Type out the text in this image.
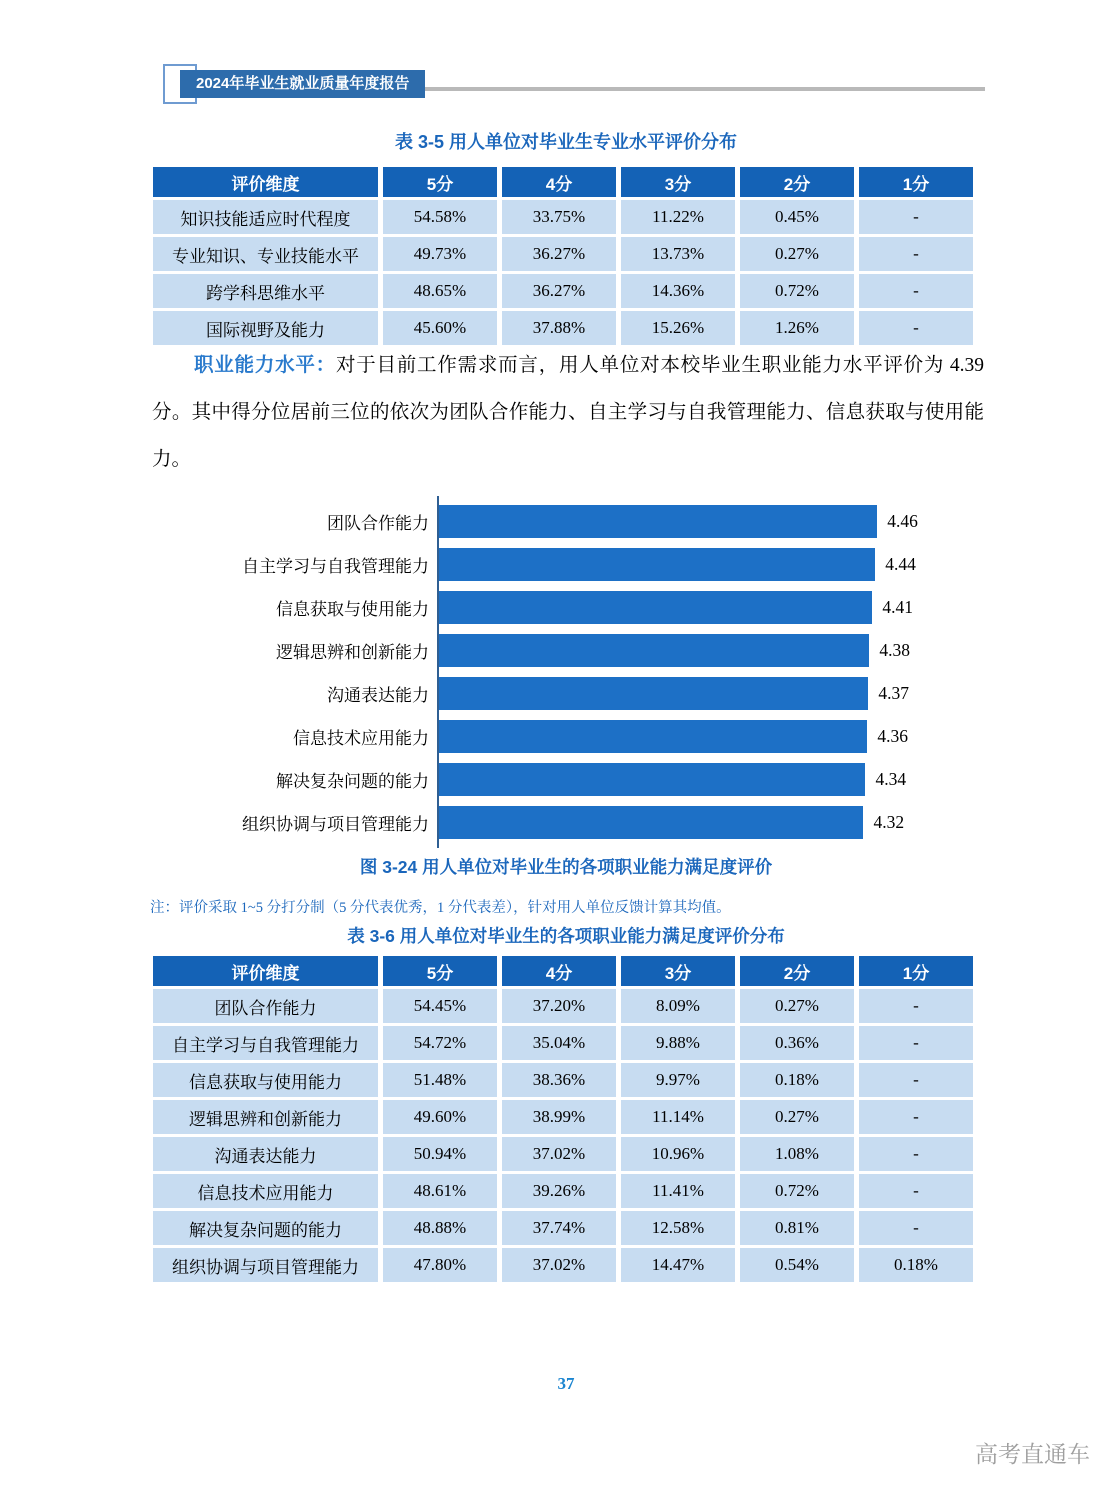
2024年毕业生就业质量年度报告
表 3-5 用人单位对毕业生专业水平评价分布
评价维度	5分	4分	3分	2分	1分
知识技能适应时代程度	54.58%	33.75%	11.22%	0.45%	-
专业知识、专业技能水平	49.73%	36.27%	13.73%	0.27%	-
跨学科思维水平	48.65%	36.27%	14.36%	0.72%	-
国际视野及能力	45.60%	37.88%	15.26%	1.26%	-

职业能力水平：对于目前工作需求而言，用人单位对本校毕业生职业能力水平评价为 4.39 分。其中得分位居前三位的依次为团队合作能力、自主学习与自我管理能力、信息获取与使用能力。

团队合作能力	4.46
自主学习与自我管理能力	4.44
信息获取与使用能力	4.41
逻辑思辨和创新能力	4.38
沟通表达能力	4.37
信息技术应用能力	4.36
解决复杂问题的能力	4.34
组织协调与项目管理能力	4.32
图 3-24 用人单位对毕业生的各项职业能力满足度评价

注：评价采取 1~5 分打分制（5 分代表优秀，1 分代表差），针对用人单位反馈计算其均值。

表 3-6 用人单位对毕业生的各项职业能力满足度评价分布
评价维度	5分	4分	3分	2分	1分
团队合作能力	54.45%	37.20%	8.09%	0.27%	-
自主学习与自我管理能力	54.72%	35.04%	9.88%	0.36%	-
信息获取与使用能力	51.48%	38.36%	9.97%	0.18%	-
逻辑思辨和创新能力	49.60%	38.99%	11.14%	0.27%	-
沟通表达能力	50.94%	37.02%	10.96%	1.08%	-
信息技术应用能力	48.61%	39.26%	11.41%	0.72%	-
解决复杂问题的能力	48.88%	37.74%	12.58%	0.81%	-
组织协调与项目管理能力	47.80%	37.02%	14.47%	0.54%	0.18%
37
高考直通车
